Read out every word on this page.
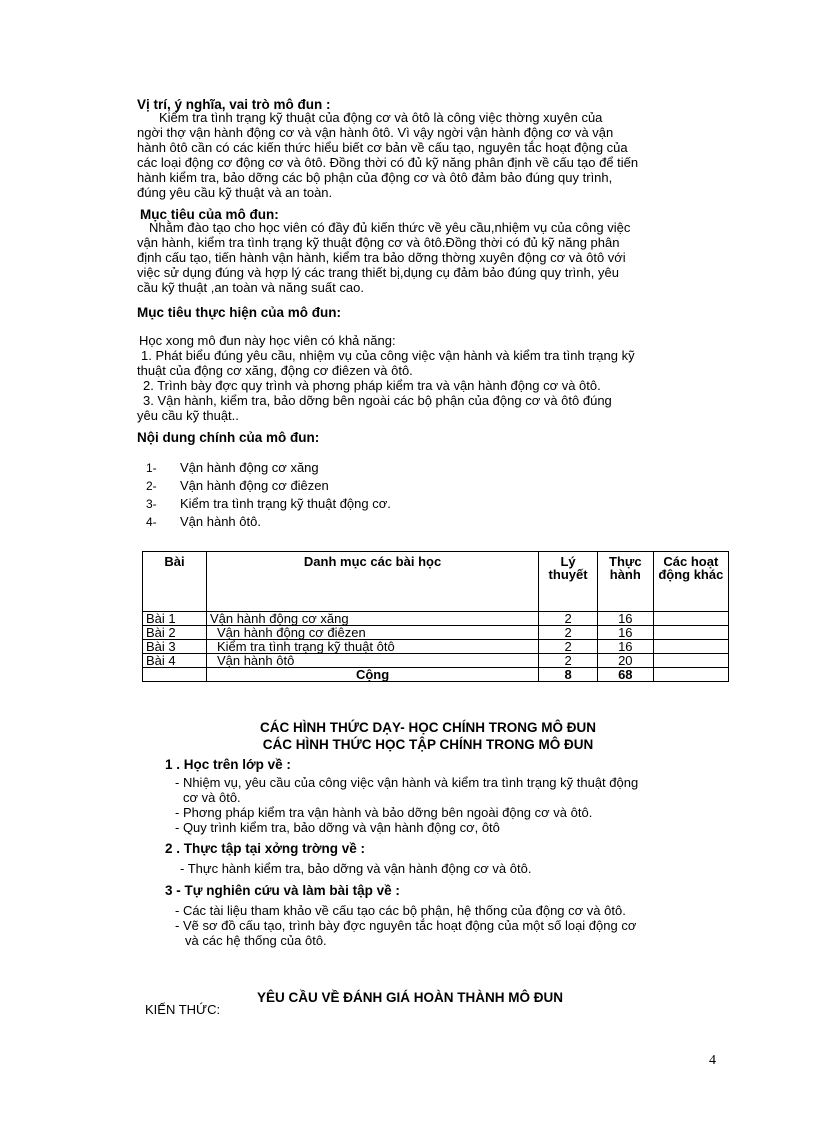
Vị trí, ý nghĩa, vai trò mô đun :
Kiểm tra tình trạng kỹ thuật của động cơ và ôtô là công việc thờng xuyên của
ngời thợ vận hành động cơ và vận hành ôtô. Vì vậy ngời vận hành động cơ và vận
hành ôtô cần có các kiến thức hiểu biết cơ bản về cấu tạo, nguyên tắc hoạt động của
các loại động cơ động cơ và ôtô. Đồng thời có đủ kỹ năng phân định về cấu tạo để tiến
hành kiểm tra, bảo dỡng các bộ phận của động cơ và ôtô đảm bảo đúng quy trình,
đúng yêu cầu kỹ thuật và an toàn.
Mục tiêu của mô đun:
Nhằm đào tạo cho học viên có đầy đủ kiến thức về yêu cầu,nhiệm vụ của công việc
vận hành, kiểm tra tình trạng kỹ thuật động cơ và ôtô.Đồng thời có đủ kỹ năng phân
định cấu tạo, tiến hành vận hành, kiểm tra bảo dỡng thờng xuyên động cơ và ôtô với
việc sử dụng đúng và hợp lý các trang thiết bị,dụng cụ đảm bảo đúng quy trình, yêu
cầu kỹ thuật ,an toàn và năng suất cao.
Mục tiêu thực hiện của mô đun:
Học xong mô đun này học viên có khả năng:
1. Phát biểu đúng yêu cầu, nhiệm vụ của công việc vận hành và kiểm tra tình trạng kỹ
thuật của động cơ xăng, động cơ điêzen và ôtô.
2. Trình bày đợc quy trình và phơng pháp kiểm tra và vận hành động cơ và ôtô.
3. Vận hành, kiểm tra, bảo dỡng bên ngoài các bộ phận của động cơ và ôtô đúng
yêu cầu kỹ thuật..
Nội dung chính của mô đun:
1- Vận hành động cơ xăng
2- Vận hành động cơ điêzen
3- Kiểm tra tình trạng kỹ thuật động cơ.
4- Vận hành ôtô.
Bài	Danh mục các bài học	Lý thuyết	Thực hành	Các hoạt động khác
Bài 1	Vận hành động cơ xăng	2	16	
Bài 2	Vận hành động cơ điêzen	2	16	
Bài 3	Kiểm tra tình trạng kỹ thuật ôtô	2	16	
Bài 4	Vận hành ôtô	2	20	
	Cộng	8	68	
CÁC HÌNH THỨC DẠY- HỌC CHÍNH TRONG MÔ ĐUN
CÁC HÌNH THỨC HỌC TẬP CHÍNH TRONG MÔ ĐUN
1 . Học trên lớp về :
- Nhiệm vụ, yêu cầu của công việc vận hành và kiểm tra tình trạng kỹ thuật động
cơ và ôtô.
- Phơng pháp kiểm tra vận hành và bảo dỡng bên ngoài động cơ và ôtô.
- Quy trình kiểm tra, bảo dỡng và vận hành động cơ, ôtô
2 . Thực tập tại xởng trờng về :
- Thực hành kiểm tra, bảo dỡng và vận hành động cơ và ôtô.
3 - Tự nghiên cứu và làm bài tập về :
- Các tài liệu tham khảo về cấu tạo các bộ phận, hệ thống của động cơ và ôtô.
- Vẽ sơ đồ cấu tạo, trình bày đợc nguyên tắc hoạt động của một số loại động cơ
và các hệ thống của ôtô.
YÊU CẦU VỀ ĐÁNH GIÁ HOÀN THÀNH MÔ ĐUN
KIẾN THỨC:
4
